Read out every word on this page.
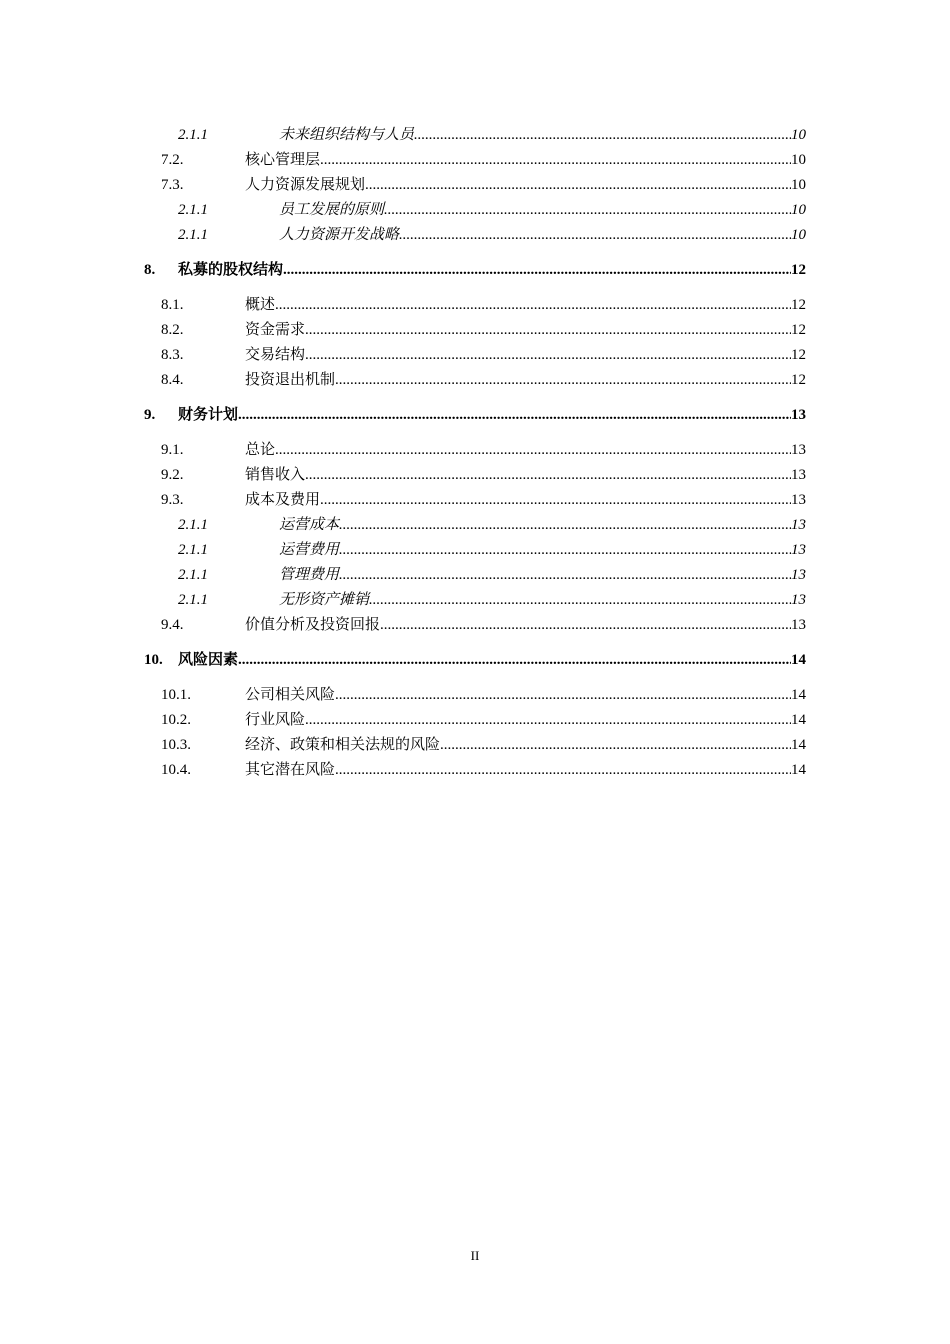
2.1.1	未来组织结构与人员 .....	10
7.2.	核心管理层 .....	10
7.3.	人力资源发展规划 .....	10
2.1.1	员工发展的原则 .....	10
2.1.1	人力资源开发战略 .....	10
8. 私募的股权结构 .....	12
8.1.	概述 .....	12
8.2.	资金需求 .....	12
8.3.	交易结构 .....	12
8.4.	投资退出机制 .....	12
9. 财务计划 .....	13
9.1.	总论 .....	13
9.2.	销售收入 .....	13
9.3.	成本及费用 .....	13
2.1.1	运营成本 .....	13
2.1.1	运营费用 .....	13
2.1.1	管理费用 .....	13
2.1.1	无形资产摊销 .....	13
9.4.	价值分析及投资回报 .....	13
10. 风险因素 .....	14
10.1.	公司相关风险 .....	14
10.2.	行业风险 .....	14
10.3.	经济、政策和相关法规的风险 .....	14
10.4.	其它潜在风险 .....	14
II
